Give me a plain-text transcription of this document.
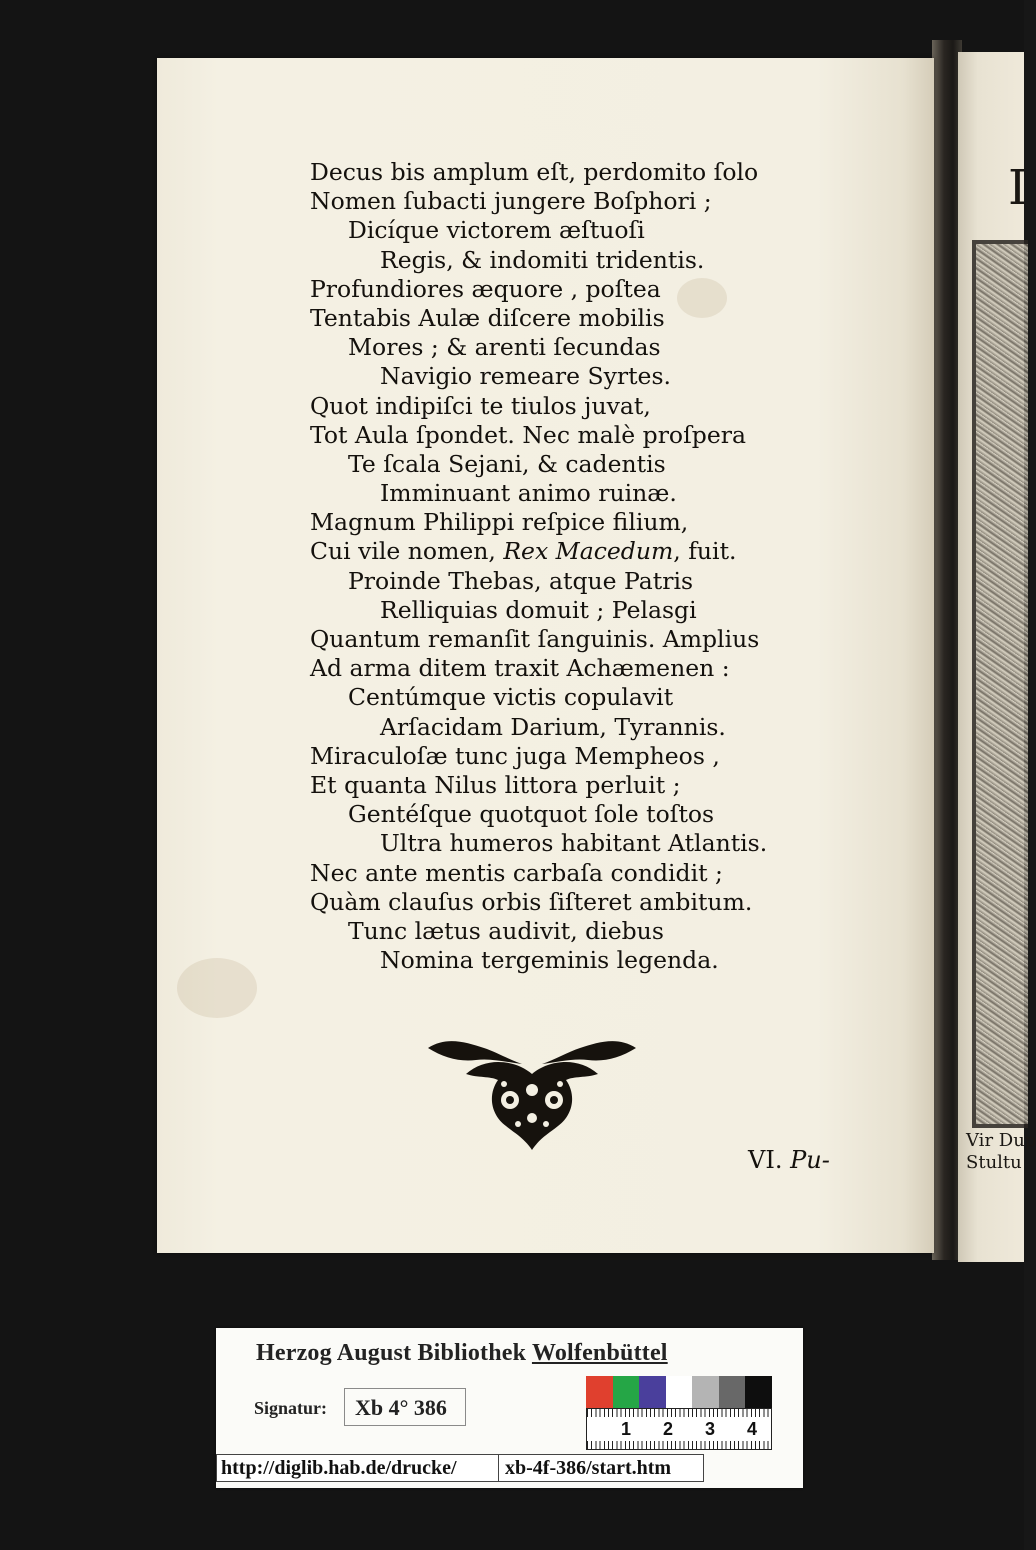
I
Vir Dup
Stultu
Decus bis amplum eſt, perdomito ſolo
Nomen ſubacti jungere Boſphori ;
Dicíque victorem æſtuoſi
Regis, & indomiti tridentis.
Profundiores æquore , poſtea
Tentabis Aulæ diſcere mobilis
Mores ; & arenti ſecundas
Navigio remeare Syrtes.
Quot indipiſci te tiulos juvat,
Tot Aula ſpondet. Nec malè proſpera
Te ſcala Sejani, & cadentis
Imminuant animo ruinæ.
Magnum Philippi reſpice filium,
Cui vile nomen, Rex Macedum, fuit.
Proinde Thebas, atque Patris
Relliquias domuit ; Pelasgi
Quantum remanſit ſanguinis. Amplius
Ad arma ditem traxit Achæmenen :
Centúmque victis copulavit
Arſacidam Darium, Tyrannis.
Miraculoſæ tunc juga Mempheos ,
Et quanta Nilus littora perluit ;
Gentéſque quotquot ſole toſtos
Ultra humeros habitant Atlantis.
Nec ante mentis carbaſa condidit ;
Quàm clauſus orbis ſiſteret ambitum.
Tunc lætus audivit, diebus
Nomina tergeminis legenda.
VI. Pu-
Herzog August Bibliothek Wolfenbüttel
Signatur:	Xb 4° 386
1 2 3 4
http://diglib.hab.de/drucke/	xb-4f-386/start.htm
